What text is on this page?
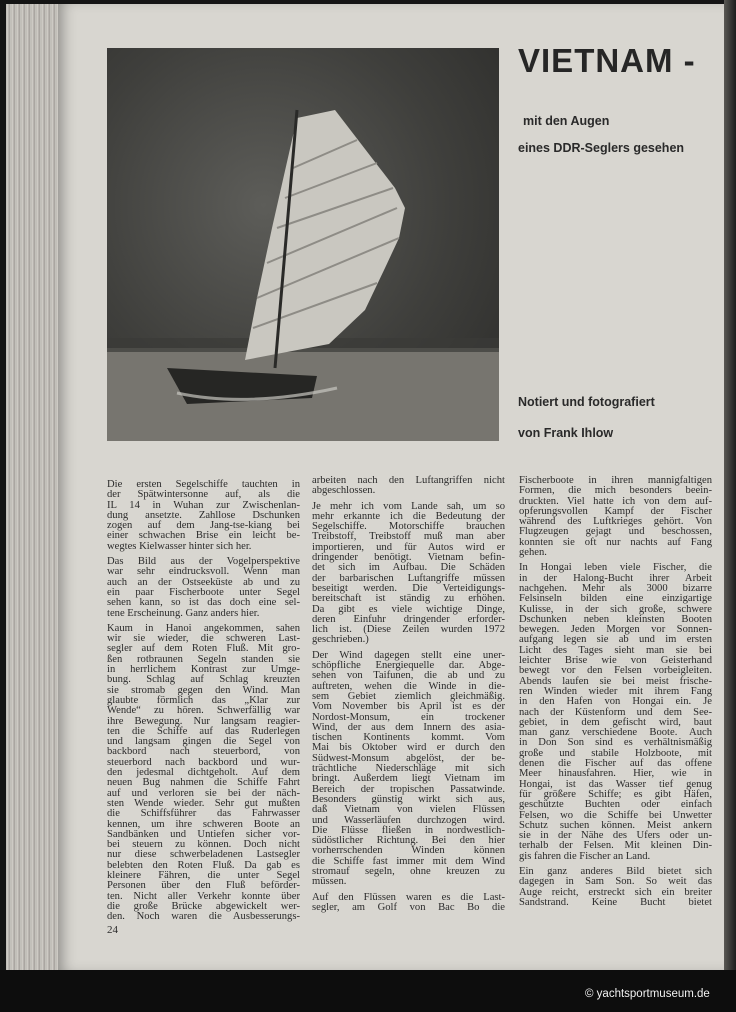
VIETNAM -
mit den Augen
eines DDR-Seglers gesehen
Notiert und fotografiert
von Frank Ihlow
Die ersten Segelschiffe tauchten in
der Spätwintersonne auf, als die
IL 14 in Wuhan zur Zwischenlan-
dung ansetzte. Zahllose Dschunken
zogen auf dem Jang-tse-kiang bei
einer schwachen Brise ein leicht be-
wegtes Kielwasser hinter sich her.
Das Bild aus der Vogelperspektive
war sehr eindrucksvoll. Wenn man
auch an der Ostseeküste ab und zu
ein paar Fischerboote unter Segel
sehen kann, so ist das doch eine sel-
tene Erscheinung. Ganz anders hier.
Kaum in Hanoi angekommen, sahen
wir sie wieder, die schweren Last-
segler auf dem Roten Fluß. Mit gro-
ßen rotbraunen Segeln standen sie
in herrlichem Kontrast zur Umge-
bung. Schlag auf Schlag kreuzten
sie stromab gegen den Wind. Man
glaubte förmlich das „Klar zur
Wende“ zu hören. Schwerfällig war
ihre Bewegung. Nur langsam reagier-
ten die Schiffe auf das Ruderlegen
und langsam gingen die Segel von
backbord nach steuerbord, von
steuerbord nach backbord und wur-
den jedesmal dichtgeholt. Auf dem
neuen Bug nahmen die Schiffe Fahrt
auf und verloren sie bei der näch-
sten Wende wieder. Sehr gut mußten
die Schiffsführer das Fahrwasser
kennen, um ihre schweren Boote an
Sandbänken und Untiefen sicher vor-
bei steuern zu können. Doch nicht
nur diese schwerbeladenen Lastsegler
belebten den Roten Fluß. Da gab es
kleinere Fähren, die unter Segel
Personen über den Fluß beförder-
ten. Nicht aller Verkehr konnte über
die große Brücke abgewickelt wer-
den. Noch waren die Ausbesserungs-
arbeiten nach den Luftangriffen nicht
abgeschlossen.
Je mehr ich vom Lande sah, um so
mehr erkannte ich die Bedeutung der
Segelschiffe. Motorschiffe brauchen
Treibstoff, Treibstoff muß man aber
importieren, und für Autos wird er
dringender benötigt. Vietnam befin-
det sich im Aufbau. Die Schäden
der barbarischen Luftangriffe müssen
beseitigt werden. Die Verteidigungs-
bereitschaft ist ständig zu erhöhen.
Da gibt es viele wichtige Dinge,
deren Einfuhr dringender erforder-
lich ist. (Diese Zeilen wurden 1972
geschrieben.)
Der Wind dagegen stellt eine uner-
schöpfliche Energiequelle dar. Abge-
sehen von Taifunen, die ab und zu
auftreten, wehen die Winde in die-
sem Gebiet ziemlich gleichmäßig.
Vom November bis April ist es der
Nordost-Monsum, ein trockener
Wind, der aus dem Innern des asia-
tischen Kontinents kommt. Vom
Mai bis Oktober wird er durch den
Südwest-Monsum abgelöst, der be-
trächtliche Niederschläge mit sich
bringt. Außerdem liegt Vietnam im
Bereich der tropischen Passatwinde.
Besonders günstig wirkt sich aus,
daß Vietnam von vielen Flüssen
und Wasserläufen durchzogen wird.
Die Flüsse fließen in nordwestlich-
südöstlicher Richtung. Bei den hier
vorherrschenden Winden können
die Schiffe fast immer mit dem Wind
stromauf segeln, ohne kreuzen zu
müssen.
Auf den Flüssen waren es die Last-
segler, am Golf von Bac Bo die
Fischerboote in ihren mannigfaltigen
Formen, die mich besonders beein-
druckten. Viel hatte ich von dem auf-
opferungsvollen Kampf der Fischer
während des Luftkrieges gehört. Von
Flugzeugen gejagt und beschossen,
konnten sie oft nur nachts auf Fang
gehen.
In Hongai leben viele Fischer, die
in der Halong-Bucht ihrer Arbeit
nachgehen. Mehr als 3000 bizarre
Felsinseln bilden eine einzigartige
Kulisse, in der sich große, schwere
Dschunken neben kleinsten Booten
bewegen. Jeden Morgen vor Sonnen-
aufgang legen sie ab und im ersten
Licht des Tages sieht man sie bei
leichter Brise wie von Geisterhand
bewegt vor den Felsen vorbeigleiten.
Abends laufen sie bei meist frische-
ren Winden wieder mit ihrem Fang
in den Hafen von Hongai ein. Je
nach der Küstenform und dem See-
gebiet, in dem gefischt wird, baut
man ganz verschiedene Boote. Auch
in Don Son sind es verhältnismäßig
große und stabile Holzboote, mit
denen die Fischer auf das offene
Meer hinausfahren. Hier, wie in
Hongai, ist das Wasser tief genug
für größere Schiffe; es gibt Häfen,
geschützte Buchten oder einfach
Felsen, wo die Schiffe bei Unwetter
Schutz suchen können. Meist ankern
sie in der Nähe des Ufers oder un-
terhalb der Felsen. Mit kleinen Din-
gis fahren die Fischer an Land.
Ein ganz anderes Bild bietet sich
dagegen in Sam Son. So weit das
Auge reicht, erstreckt sich ein breiter
Sandstrand. Keine Bucht bietet
24
© yachtsportmuseum.de
